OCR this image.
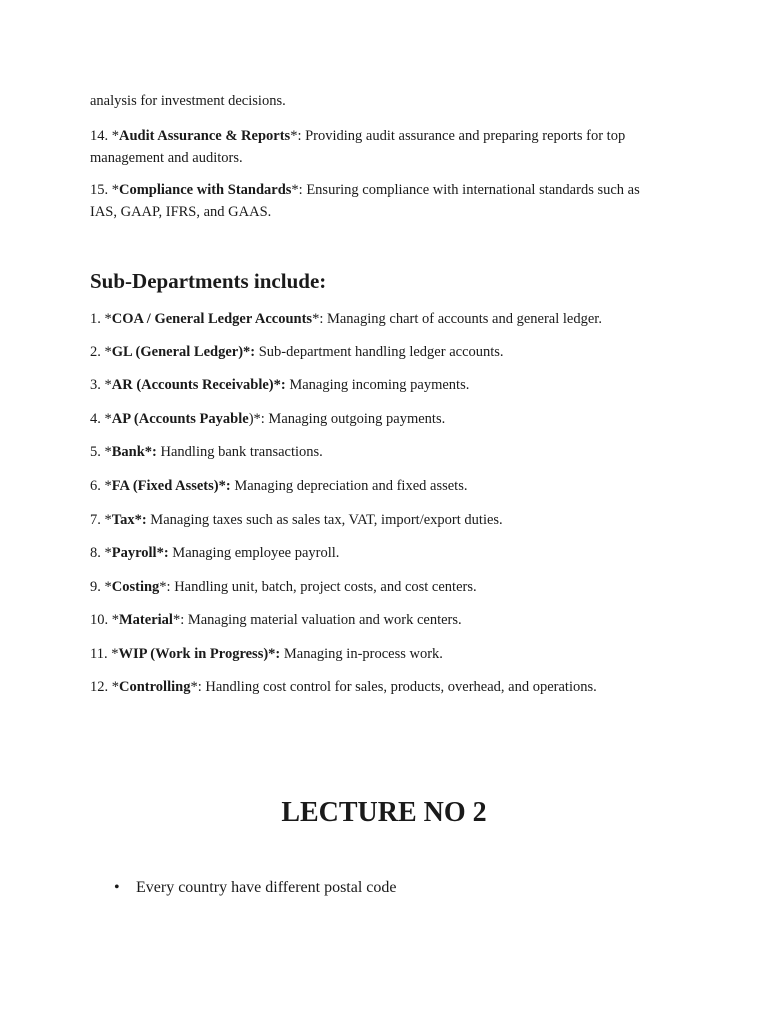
analysis for investment decisions.
14. *Audit Assurance & Reports*: Providing audit assurance and preparing reports for top
management and auditors.
15. *Compliance with Standards*: Ensuring compliance with international standards such as
IAS, GAAP, IFRS, and GAAS.
Sub-Departments include:
1. *COA / General Ledger Accounts*: Managing chart of accounts and general ledger.
2. *GL (General Ledger)*: Sub-department handling ledger accounts.
3. *AR (Accounts Receivable)*: Managing incoming payments.
4. *AP (Accounts Payable)*: Managing outgoing payments.
5. *Bank*: Handling bank transactions.
6. *FA (Fixed Assets)*: Managing depreciation and fixed assets.
7. *Tax*: Managing taxes such as sales tax, VAT, import/export duties.
8. *Payroll*: Managing employee payroll.
9. *Costing*: Handling unit, batch, project costs, and cost centers.
10. *Material*: Managing material valuation and work centers.
11. *WIP (Work in Progress)*: Managing in-process work.
12. *Controlling*: Handling cost control for sales, products, overhead, and operations.
LECTURE NO 2
• Every country have different postal code
